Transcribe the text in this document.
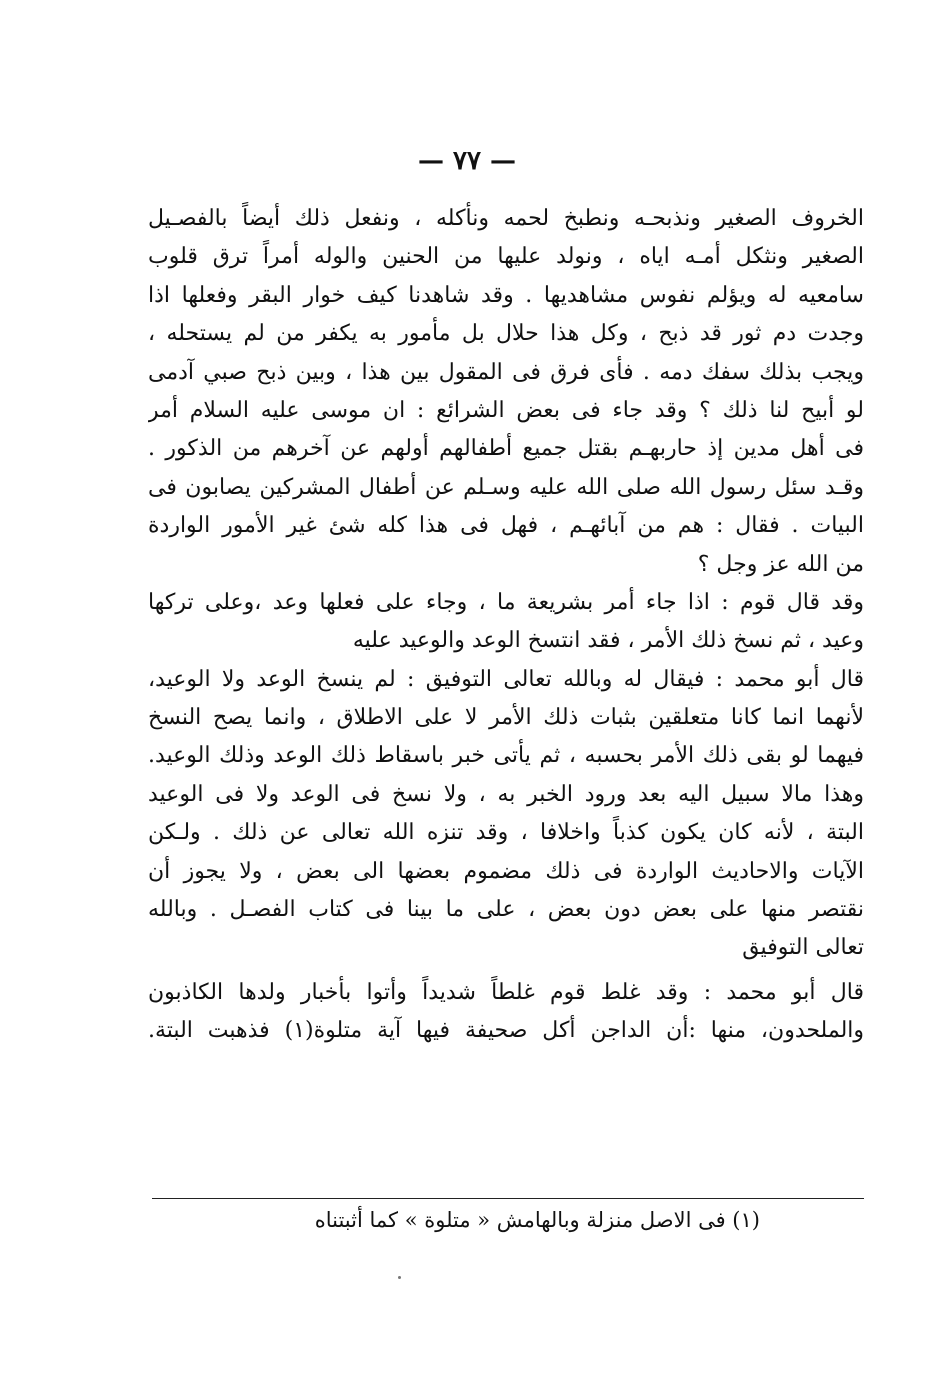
— ٧٧ —
الخروف الصغير ونذبحـه ونطبخ لحمه ونأكله ، ونفعل ذلك أيضاً بالفصـيل
الصغير ونثكل أمـه اياه ، ونولد عليها من الحنين والوله أمراً ترق قلوب
سامعيه له ويؤلم نفوس مشاهديها . وقد شاهدنا كيف خوار البقر وفعلها اذا
وجدت دم ثور قد ذبح ، وكل هذا حلال بل مأمور به يكفر من لم يستحله ،
ويجب بذلك سفك دمه . فأى فرق فى المقول بين هذا ، وبين ذبح صبي آدمى
لو أبيح لنا ذلك ؟ وقد جاء فى بعض الشرائع : ان موسى عليه السلام أمر
فى أهل مدين إذ حاربهـم بقتل جميع أطفالهم أولهم عن آخرهم من الذكور .
وقـد سئل رسول الله صلى الله عليه وسـلم عن أطفال المشركين يصابون فى
البيات . فقال : هم من آبائهـم ، فهل فى هذا كله شئ غير الأمور الواردة
من الله عز وجل ؟
وقد قال قوم : اذا جاء أمر بشريعة ما ، وجاء على فعلها وعد ،وعلى تركها
وعيد ، ثم نسخ ذلك الأمر ، فقد انتسخ الوعد والوعيد عليه
قال أبو محمد : فيقال له وبالله تعالى التوفيق : لم ينسخ الوعد ولا الوعيد،
لأنهما انما كانا متعلقين بثبات ذلك الأمر لا على الاطلاق ، وانما يصح النسخ
فيهما لو بقى ذلك الأمر بحسبه ، ثم يأتى خبر باسقاط ذلك الوعد وذلك الوعيد.
وهذا مالا سبيل اليه بعد ورود الخبر به ، ولا نسخ فى الوعد ولا فى الوعيد
البتة ، لأنه كان يكون كذباً واخلافا ، وقد تنزه الله تعالى عن ذلك . ولـكن
الآيات والاحاديث الواردة فى ذلك مضموم بعضها الى بعض ، ولا يجوز أن
نقتصر منها على بعض دون بعض ، على ما بينا فى كتاب الفصـل . وبالله
تعالى التوفيق
قال أبو محمد : وقد غلط قوم غلطاً شديداً وأتوا بأخبار ولدها الكاذبون
والملحدون، منها :أن الداجن أكل صحيفة فيها آية متلوة(١) فذهبت البتة.
(١) فى الاصل منزلة وبالهامش « متلوة » كما أثبتناه
